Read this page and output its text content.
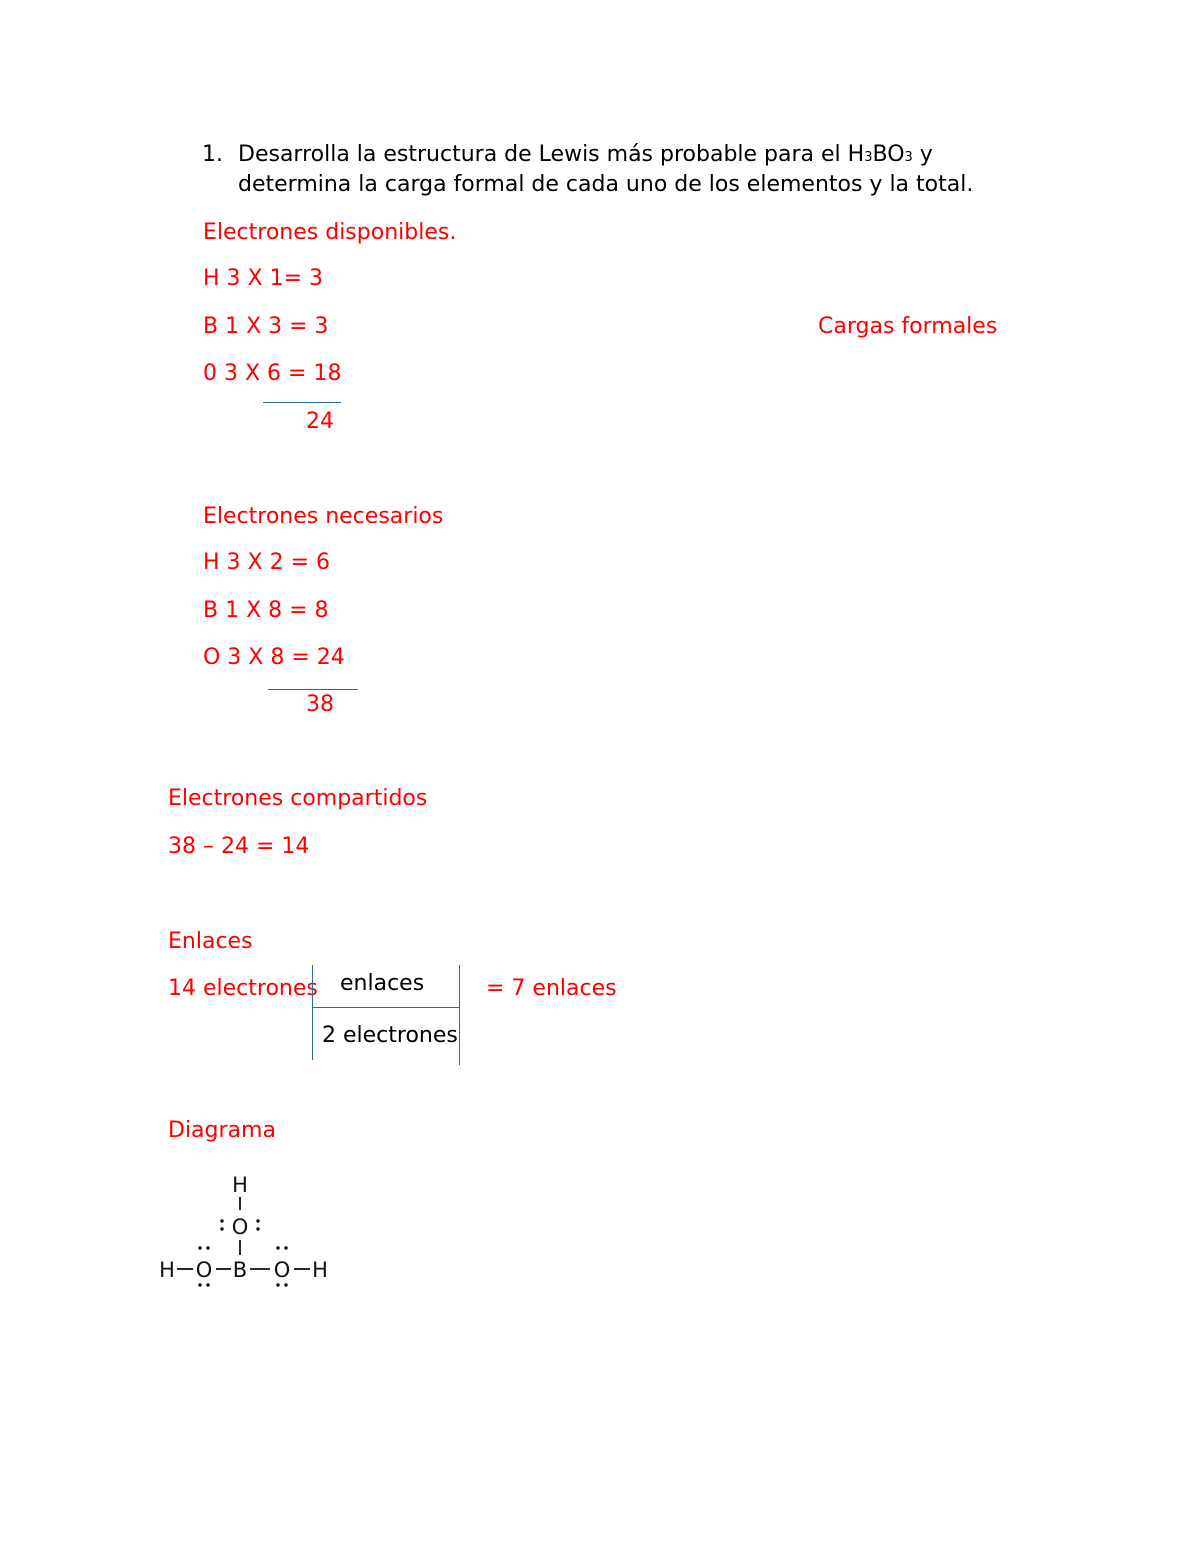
1. Desarrolla la estructura de Lewis más probable para el H3BO3 y
determina la carga formal de cada uno de los elementos y la total.
Electrones disponibles.
H 3 X 1= 3
B 1 X 3 = 3	Cargas formales
0 3 X 6 = 18
24
Electrones necesarios
H 3 X 2 = 6
B 1 X 8 = 8
O 3 X 8 = 24
38
Electrones compartidos
38 – 24 = 14
Enlaces
14 electrones enlaces
2 electrones
= 7 enlaces
Diagrama
H
O
H O B O H
